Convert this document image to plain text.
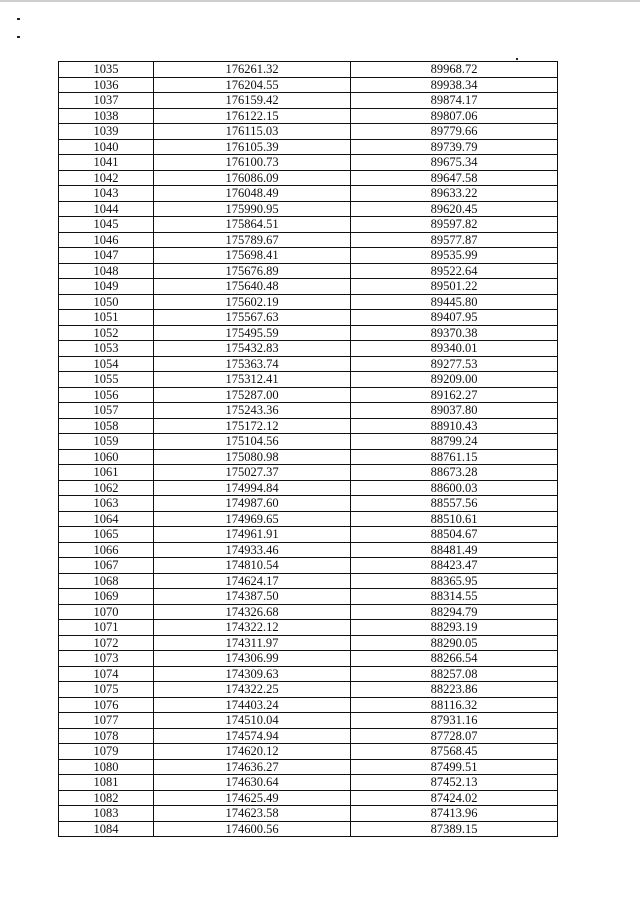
1035	176261.32	89968.72
1036	176204.55	89938.34
1037	176159.42	89874.17
1038	176122.15	89807.06
1039	176115.03	89779.66
1040	176105.39	89739.79
1041	176100.73	89675.34
1042	176086.09	89647.58
1043	176048.49	89633.22
1044	175990.95	89620.45
1045	175864.51	89597.82
1046	175789.67	89577.87
1047	175698.41	89535.99
1048	175676.89	89522.64
1049	175640.48	89501.22
1050	175602.19	89445.80
1051	175567.63	89407.95
1052	175495.59	89370.38
1053	175432.83	89340.01
1054	175363.74	89277.53
1055	175312.41	89209.00
1056	175287.00	89162.27
1057	175243.36	89037.80
1058	175172.12	88910.43
1059	175104.56	88799.24
1060	175080.98	88761.15
1061	175027.37	88673.28
1062	174994.84	88600.03
1063	174987.60	88557.56
1064	174969.65	88510.61
1065	174961.91	88504.67
1066	174933.46	88481.49
1067	174810.54	88423.47
1068	174624.17	88365.95
1069	174387.50	88314.55
1070	174326.68	88294.79
1071	174322.12	88293.19
1072	174311.97	88290.05
1073	174306.99	88266.54
1074	174309.63	88257.08
1075	174322.25	88223.86
1076	174403.24	88116.32
1077	174510.04	87931.16
1078	174574.94	87728.07
1079	174620.12	87568.45
1080	174636.27	87499.51
1081	174630.64	87452.13
1082	174625.49	87424.02
1083	174623.58	87413.96
1084	174600.56	87389.15
